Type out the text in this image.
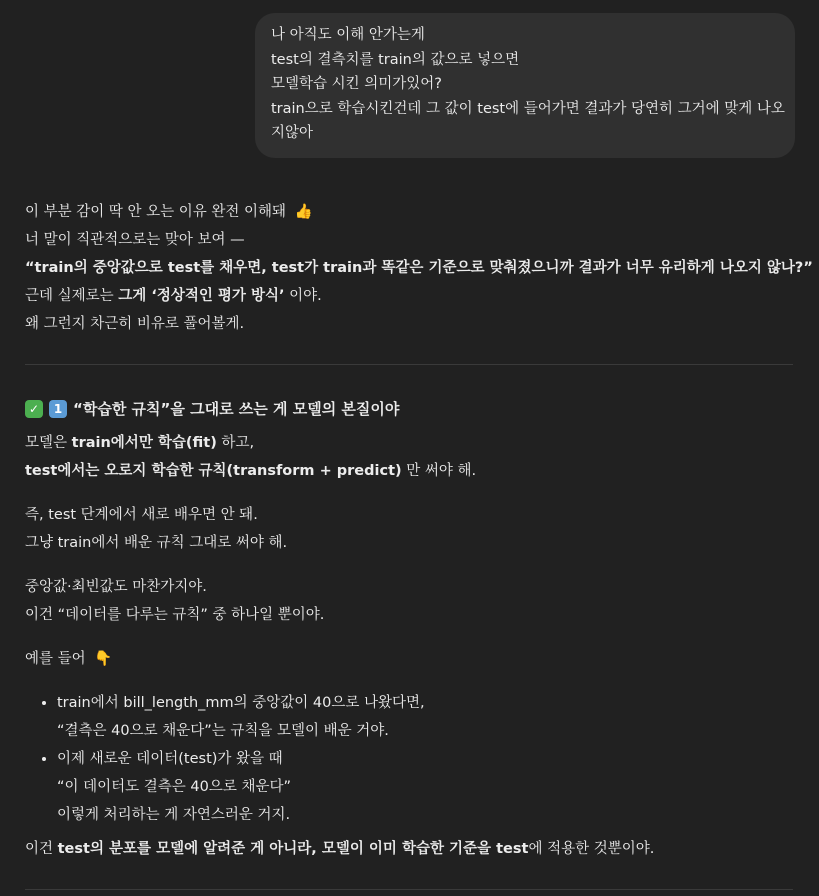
나 아직도 이해 안가는게
test의 결측치를 train의 값으로 넣으면
모델학습 시킨 의미가있어?
train으로 학습시킨건데 그 값이 test에 들어가면 결과가 당연히 그거에 맞게 나오
지않아
이 부분 감이 딱 안 오는 이유 완전 이해돼 👍
너 말이 직관적으로는 맞아 보여 —
“train의 중앙값으로 test를 채우면, test가 train과 똑같은 기준으로 맞춰졌으니까 결과가 너무 유리하게 나오지 않나?”
근데 실제로는 그게 ‘정상적인 평가 방식’ 이야.
왜 그런지 차근히 비유로 풀어볼게.
✓	1 “학습한 규칙”을 그대로 쓰는 게 모델의 본질이야
모델은 train에서만 학습(fit) 하고,
test에서는 오로지 학습한 규칙(transform + predict) 만 써야 해.
즉, test 단계에서 새로 배우면 안 돼.
그냥 train에서 배운 규칙 그대로 써야 해.
중앙값·최빈값도 마찬가지야.
이건 “데이터를 다루는 규칙” 중 하나일 뿐이야.
예를 들어 👇
• train에서 bill_length_mm의 중앙값이 40으로 나왔다면,
“결측은 40으로 채운다”는 규칙을 모델이 배운 거야.
• 이제 새로운 데이터(test)가 왔을 때
“이 데이터도 결측은 40으로 채운다”
이렇게 처리하는 게 자연스러운 거지.
이건 test의 분포를 모델에 알려준 게 아니라, 모델이 이미 학습한 기준을 test에 적용한 것뿐이야.
